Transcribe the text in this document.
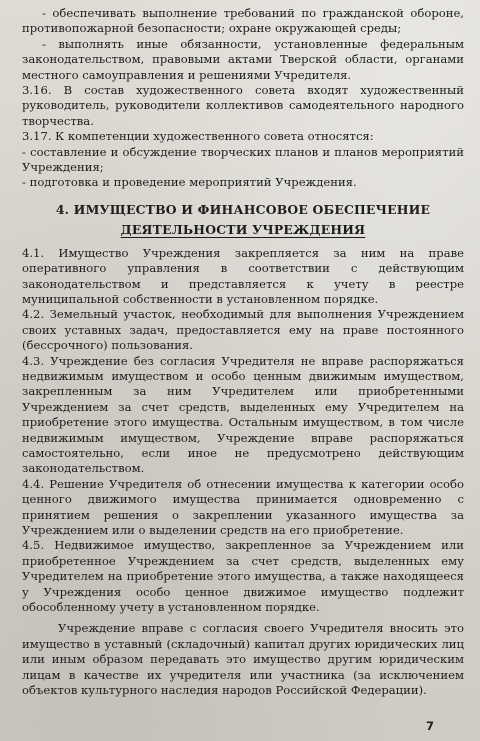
- обеспечивать выполнение требований по гражданской обороне, противопожарной безопасности; охране окружающей среды;

- выполнять иные обязанности, установленные федеральным законодательством, правовыми актами Тверской области, органами местного самоуправления и решениями Учредителя.

3.16. В состав художественного совета входят художественный руководитель, руководители коллективов самодеятельного народного творчества.

3.17. К компетенции художественного совета относятся:

- составление и обсуждение творческих планов и планов мероприятий Учреждения;

- подготовка и проведение мероприятий Учреждения.

4. ИМУЩЕСТВО И ФИНАНСОВОЕ ОБЕСПЕЧЕНИЕ

ДЕЯТЕЛЬНОСТИ УЧРЕЖДЕНИЯ

4.1. Имущество Учреждения закрепляется за ним на праве оперативного управления в соответствии с действующим законодательством и представляется к учету в реестре муниципальной собственности в установленном порядке.

4.2. Земельный участок, необходимый для выполнения Учреждением своих уставных задач, предоставляется ему на праве постоянного (бессрочного) пользования.

4.3. Учреждение без согласия Учредителя не вправе распоряжаться недвижимым имуществом и особо ценным движимым имуществом, закрепленным за ним Учредителем или приобретенными Учреждением за счет средств, выделенных ему Учредителем на приобретение этого имущества. Остальным имуществом, в том числе недвижимым имуществом, Учреждение вправе распоряжаться самостоятельно, если иное не предусмотрено действующим законодательством.

4.4. Решение Учредителя об отнесении имущества к категории особо ценного движимого имущества принимается одновременно с принятием решения о закреплении указанного имущества за Учреждением или о выделении средств на его приобретение.

4.5. Недвижимое имущество, закрепленное за Учреждением или приобретенное Учреждением за счет средств, выделенных ему Учредителем на приобретение этого имущества, а также находящееся у Учреждения особо ценное движимое имущество подлежит обособленному учету в установленном порядке.

Учреждение вправе с согласия своего Учредителя вносить это имущество в уставный (складочный) капитал других юридических лиц или иным образом передавать это имущество другим юридическим лицам в качестве их учредителя или участника (за исключением объектов культурного наследия народов Российской Федерации).

7
